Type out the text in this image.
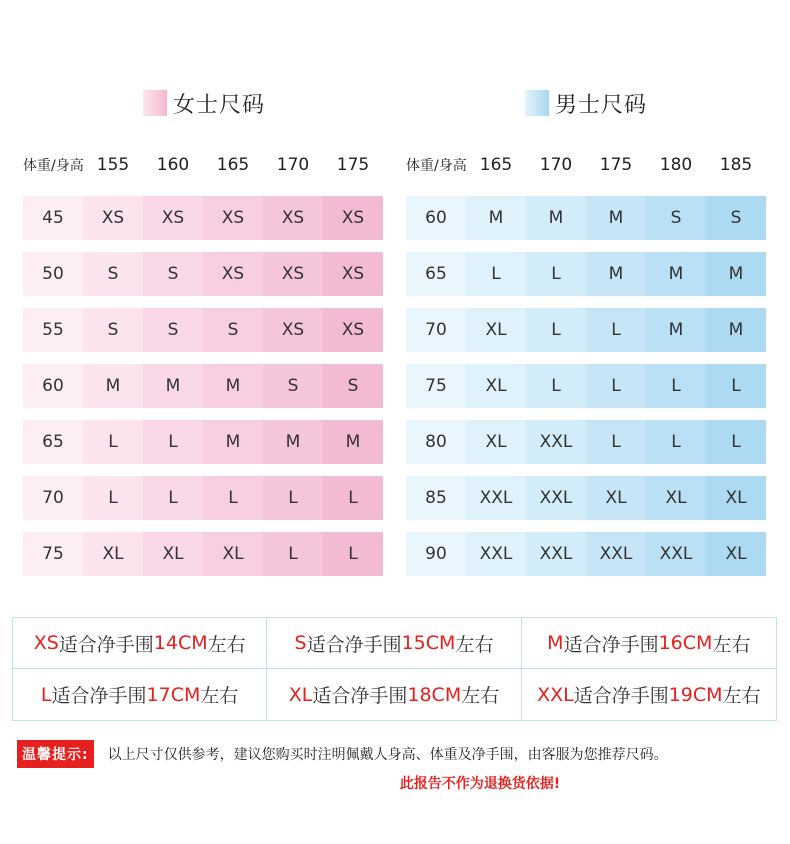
女士尺码	男士尺码
体重/身高 155	160	165	170	175
45	XS	XS	XS	XS	XS
50	S	S	XS	XS	XS
55	S	S	S	XS	XS
60	M	M	M	S	S
65	L	L	M	M	M
70	L	L	L	L	L
75	XL	XL	XL	L	L
体重/身高 165	170	175	180	185
60	M	M	M	S	S
65	L	L	M	M	M
70	XL	L	L	M	M
75	XL	L	L	L	L
80	XL	XXL	L	L	L
85	XXL	XXL	XL	XL	XL
90	XXL	XXL	XXL	XXL	XL
XS 适合净手围 14CM 左右	S 适合净手围 15CM 左右	M 适合净手围 16CM 左右
L 适合净手围 17CM 左右	XL 适合净手围 18CM 左右 XXL 适合净手围 19CM 左右
温馨提示:	以上尺寸仅供参考，建议您购买时注明佩戴人身高、体重及净手围，由客服为您推荐尺码。
此报告不作为退换货依据!
